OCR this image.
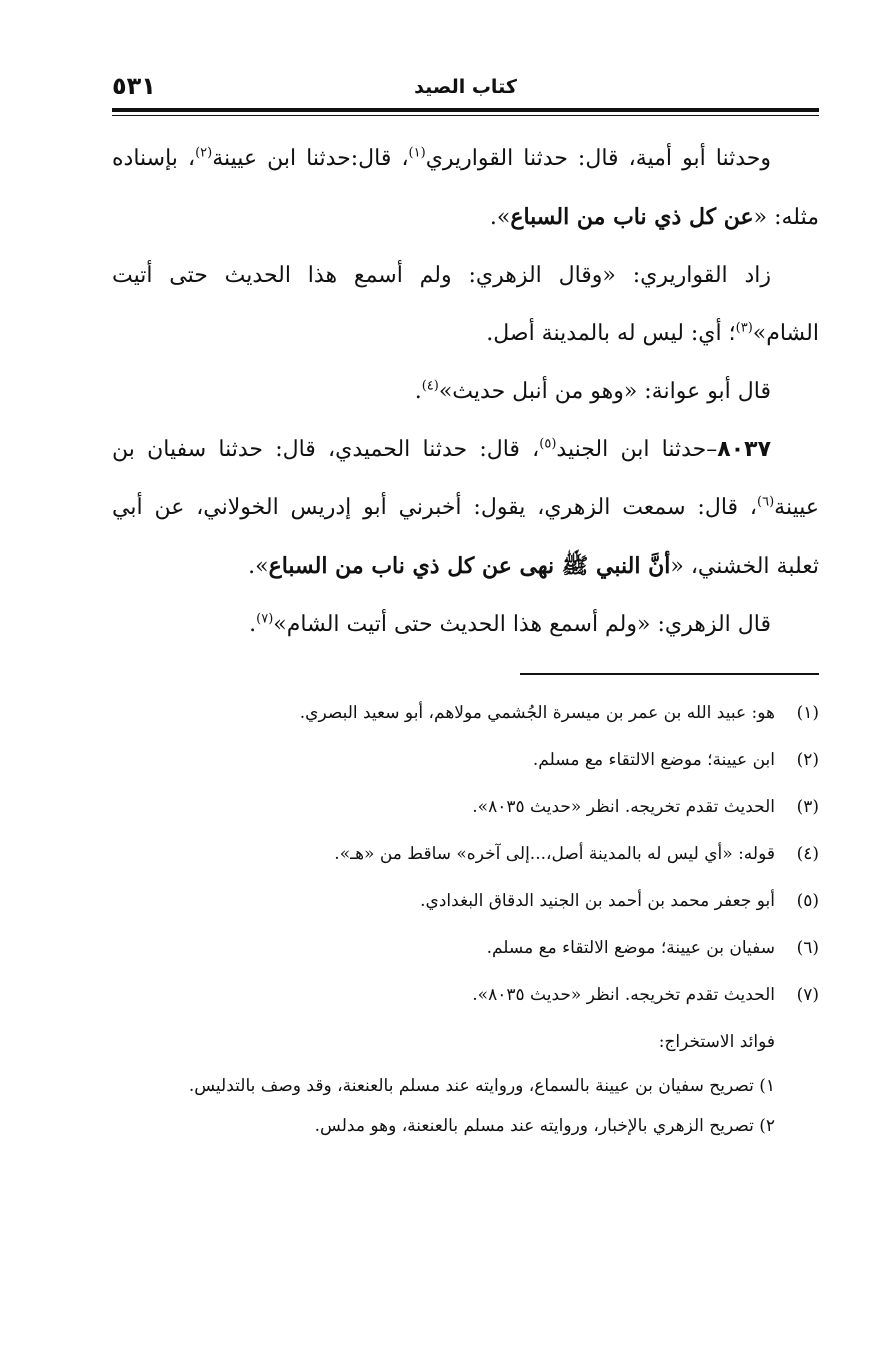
٥٣١	كتاب الصيد

وحدثنا أبو أمية، قال: حدثنا القواريري$^{(١)}$، قال:حدثنا ابن عيينة$^{(٢)}$، بإسناده مثله: «عن كل ذي ناب من السباع».

زاد القواريري: «وقال الزهري: ولم أسمع هذا الحديث حتى أتيت الشام»$^{(٣)}$؛ أي: ليس له بالمدينة أصل.

قال أبو عوانة: «وهو من أنبل حديث»$^{(٤)}$.

٨٠٣٧–حدثنا ابن الجنيد$^{(٥)}$، قال: حدثنا الحميدي، قال: حدثنا سفيان بن عيينة$^{(٦)}$، قال: سمعت الزهري، يقول: أخبرني أبو إدريس الخولاني، عن أبي ثعلبة الخشني، «أنَّ النبي ﷺ نهى عن كل ذي ناب من السباع».

قال الزهري: «ولم أسمع هذا الحديث حتى أتيت الشام»$^{(٧)}$.

(١)هو: عبيد الله بن عمر بن ميسرة الجُشمي مولاهم، أبو سعيد البصري.

(٢)ابن عيينة؛ موضع الالتقاء مع مسلم.

(٣)الحديث تقدم تخريجه. انظر «حديث ٨٠٣٥».

(٤)قوله: «أي ليس له بالمدينة أصل،...إلى آخره» ساقط من «هـ».

(٥)أبو جعفر محمد بن أحمد بن الجنيد الدقاق البغدادي.

(٦)سفيان بن عيينة؛ موضع الالتقاء مع مسلم.

(٧)الحديث تقدم تخريجه. انظر «حديث ٨٠٣٥».

فوائد الاستخراج:

١) تصريح سفيان بن عيينة بالسماع، وروايته عند مسلم بالعنعنة، وقد وصف بالتدليس.

٢) تصريح الزهري بالإخبار، وروايته عند مسلم بالعنعنة، وهو مدلس.
